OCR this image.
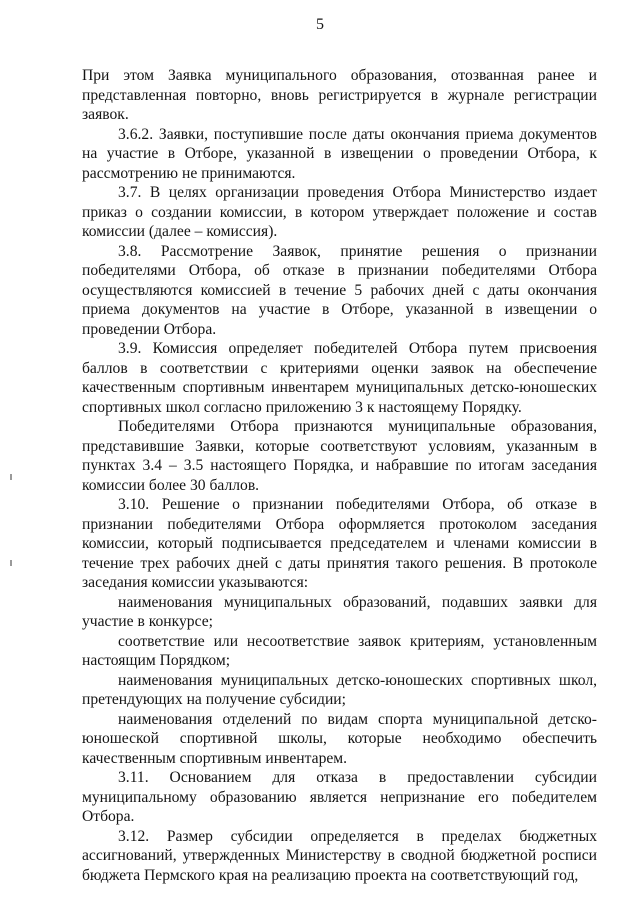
5

При этом Заявка муниципального образования, отозванная ранее и представленная повторно, вновь регистрируется в журнале регистрации заявок.

3.6.2. Заявки, поступившие после даты окончания приема документов на участие в Отборе, указанной в извещении о проведении Отбора, к рассмотрению не принимаются.

3.7. В целях организации проведения Отбора Министерство издает приказ о создании комиссии, в котором утверждает положение и состав комиссии (далее – комиссия).

3.8. Рассмотрение Заявок, принятие решения о признании победителями Отбора, об отказе в признании победителями Отбора осуществляются комиссией в течение 5 рабочих дней с даты окончания приема документов на участие в Отборе, указанной в извещении о проведении Отбора.

3.9. Комиссия определяет победителей Отбора путем присвоения баллов в соответствии с критериями оценки заявок на обеспечение качественным спортивным инвентарем муниципальных детско-юношеских спортивных школ согласно приложению 3 к настоящему Порядку.

Победителями Отбора признаются муниципальные образования, представившие Заявки, которые соответствуют условиям, указанным в пунктах 3.4 – 3.5 настоящего Порядка, и набравшие по итогам заседания комиссии более 30 баллов.

3.10. Решение о признании победителями Отбора, об отказе в признании победителями Отбора оформляется протоколом заседания комиссии, который подписывается председателем и членами комиссии в течение трех рабочих дней с даты принятия такого решения. В протоколе заседания комиссии указываются:

наименования муниципальных образований, подавших заявки для участие в конкурсе;

соответствие или несоответствие заявок критериям, установленным настоящим Порядком;

наименования муниципальных детско-юношеских спортивных школ, претендующих на получение субсидии;

наименования отделений по видам спорта муниципальной детско-юношеской спортивной школы, которые необходимо обеспечить качественным спортивным инвентарем.

3.11. Основанием для отказа в предоставлении субсидии муниципальному образованию является непризнание его победителем Отбора.

3.12. Размер субсидии определяется в пределах бюджетных ассигнований, утвержденных Министерству в сводной бюджетной росписи бюджета Пермского края на реализацию проекта на соответствующий год,
